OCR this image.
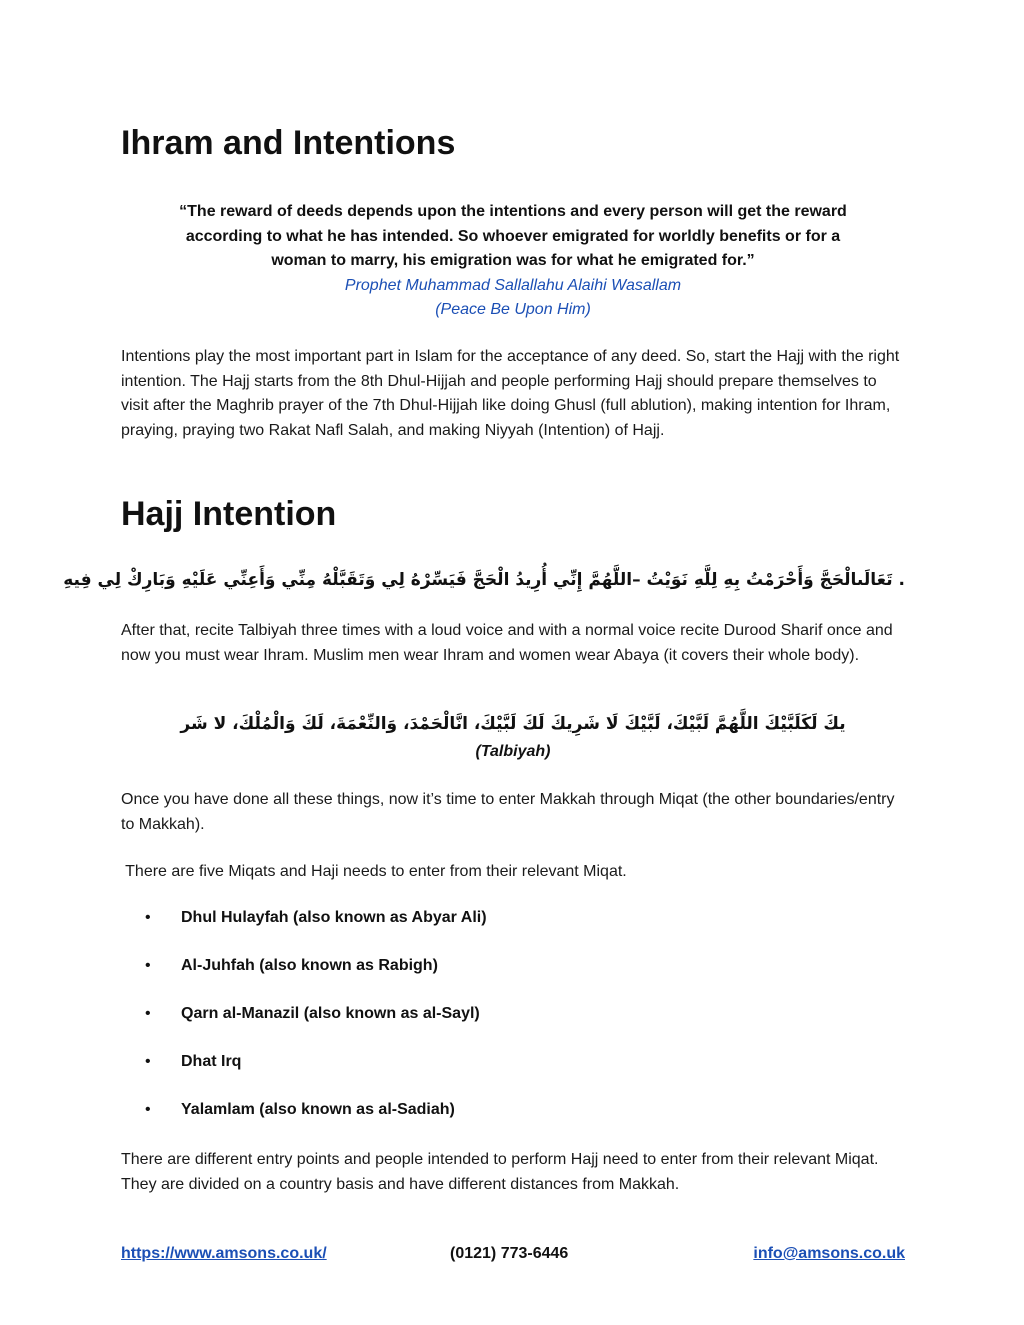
Ihram and Intentions
“The reward of deeds depends upon the intentions and every person will get the reward
according to what he has intended. So whoever emigrated for worldly benefits or for a
woman to marry, his emigration was for what he emigrated for.”
Prophet Muhammad Sallallahu Alaihi Wasallam
(Peace Be Upon Him)

Intentions play the most important part in Islam for the acceptance of any deed. So, start the Hajj with the right intention. The Hajj starts from the 8th Dhul-Hijjah and people performing Hajj should prepare themselves to visit after the Maghrib prayer of the 7th Dhul-Hijjah like doing Ghusl (full ablution), making intention for Ihram, praying, praying two Rakat Nafl Salah, and making Niyyah (Intention) of Hajj.

Hajj Intention
. تَعَالَىالْحَجَّ وَأَحْرَمْتُ بِهِ لِلَّهِ نَوَيْتُ –اللَّهُمَّ إِنِّي أُرِيدُ الْحَجَّ فَيَسِّرْهُ لِي وَتَقَبَّلْهُ مِنِّي وَأَعِنِّي عَلَيْهِ وَبَارِكْ لِي فِيهِ

After that, recite Talbiyah three times with a loud voice and with a normal voice recite Durood Sharif once and now you must wear Ihram. Muslim men wear Ihram and women wear Abaya (it covers their whole body).

يكَ لَكَلَبَّيْكَ اللَّهُمَّ لَبَّيْكَ، لَبَّيْكَ لَا شَرِيكَ لَكَ لَبَّيْكَ، انَّالْحَمْدَ، وَالنِّعْمَةَ، لَكَ وَالْمُلْكَ، لا شَر
(Talbiyah)

Once you have done all these things, now it’s time to enter Makkah through Miqat (the other boundaries/entry to Makkah).

There are five Miqats and Haji needs to enter from their relevant Miqat.

• Dhul Hulayfah (also known as Abyar Ali)
• Al-Juhfah (also known as Rabigh)
• Qarn al-Manazil (also known as al-Sayl)
• Dhat Irq
• Yalamlam (also known as al-Sadiah)

There are different entry points and people intended to perform Hajj need to enter from their relevant Miqat. They are divided on a country basis and have different distances from Makkah.

https://www.amsons.co.uk/	(0121) 773-6446	info@amsons.co.uk
